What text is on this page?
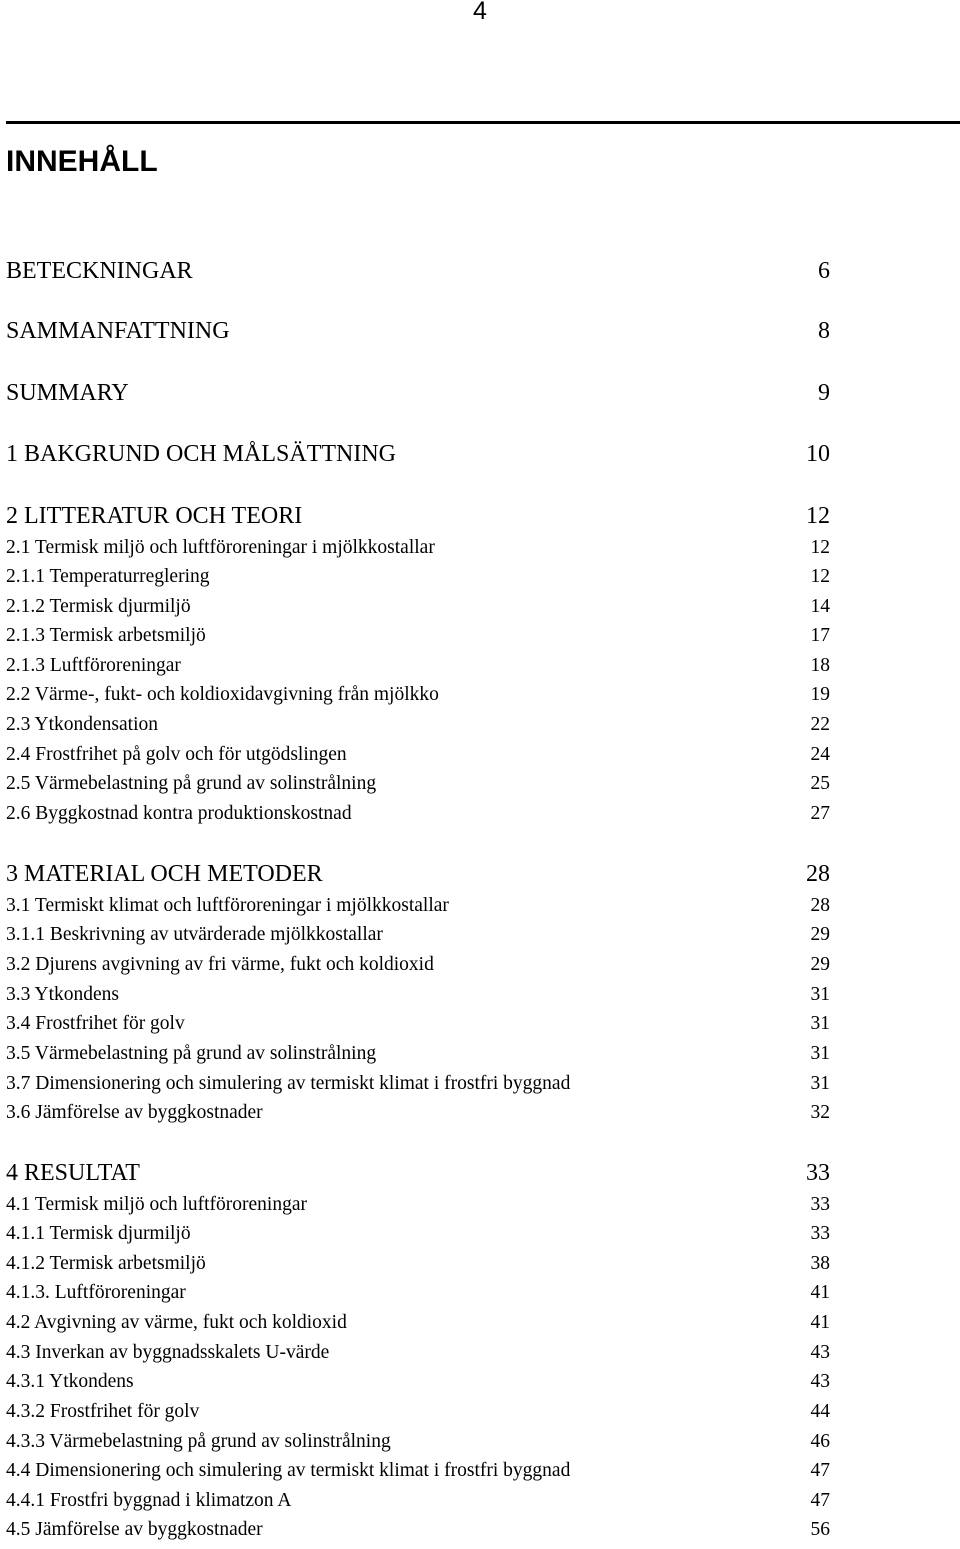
4
INNEHÅLL
BETECKNINGAR	6
SAMMANFATTNING	8
SUMMARY	9
1 BAKGRUND OCH MÅLSÄTTNING	10
2 LITTERATUR OCH TEORI	12
2.1 Termisk miljö och luftföroreningar i mjölkkostallar	12
2.1.1 Temperaturreglering	12
2.1.2 Termisk djurmiljö	14
2.1.3 Termisk arbetsmiljö	17
2.1.3 Luftföroreningar	18
2.2 Värme-, fukt- och koldioxidavgivning från mjölkko	19
2.3 Ytkondensation	22
2.4 Frostfrihet på golv och för utgödslingen	24
2.5 Värmebelastning på grund av solinstrålning	25
2.6 Byggkostnad kontra produktionskostnad	27
3 MATERIAL OCH METODER	28
3.1 Termiskt klimat och luftföroreningar i mjölkkostallar	28
3.1.1 Beskrivning av utvärderade mjölkkostallar	29
3.2 Djurens avgivning av fri värme, fukt och koldioxid	29
3.3 Ytkondens	31
3.4 Frostfrihet för golv	31
3.5 Värmebelastning på grund av solinstrålning	31
3.7 Dimensionering och simulering av termiskt klimat i frostfri byggnad	31
3.6 Jämförelse av byggkostnader	32
4 RESULTAT	33
4.1 Termisk miljö och luftföroreningar	33
4.1.1 Termisk djurmiljö	33
4.1.2 Termisk arbetsmiljö	38
4.1.3. Luftföroreningar	41
4.2 Avgivning av värme, fukt och koldioxid	41
4.3 Inverkan av byggnadsskalets U-värde	43
4.3.1 Ytkondens	43
4.3.2 Frostfrihet för golv	44
4.3.3 Värmebelastning på grund av solinstrålning	46
4.4 Dimensionering och simulering av termiskt klimat i frostfri byggnad	47
4.4.1 Frostfri byggnad i klimatzon A	47
4.5 Jämförelse av byggkostnader	56
